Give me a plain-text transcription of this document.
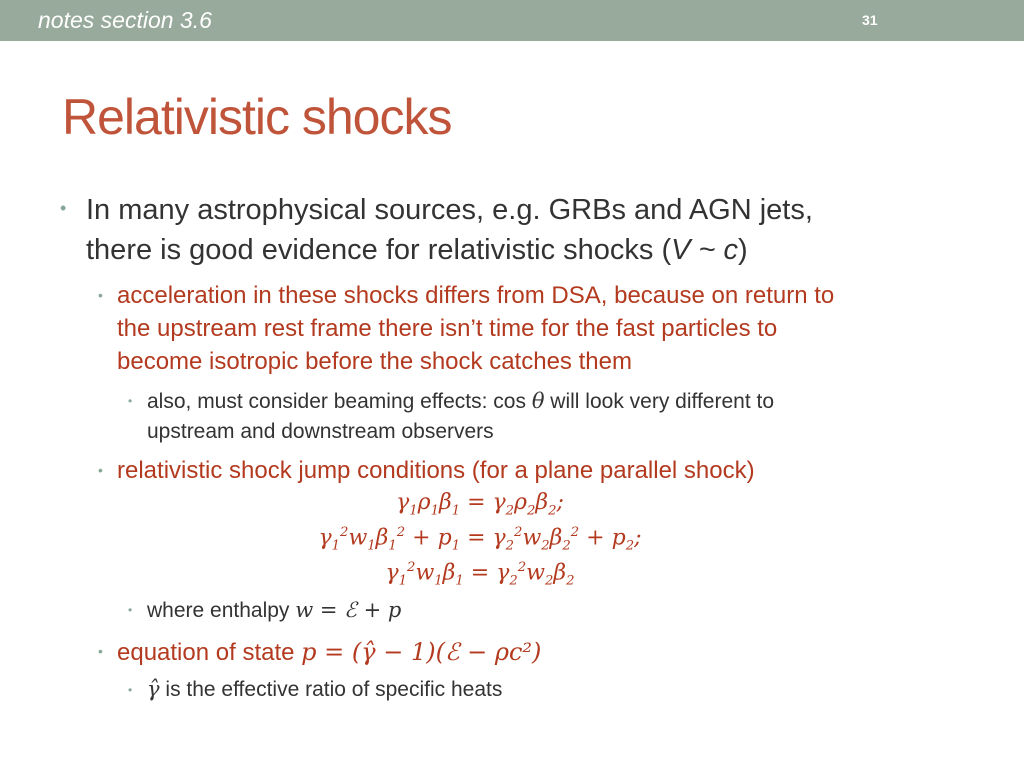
notes section 3.6	31
Relativistic shocks
• In many astrophysical sources, e.g. GRBs and AGN jets,
there is good evidence for relativistic shocks (V ~ c)
• acceleration in these shocks differs from DSA, because on return to
the upstream rest frame there isn’t time for the fast particles to
become isotropic before the shock catches them
• also, must consider beaming effects: cos θ will look very different to
upstream and downstream observers
• relativistic shock jump conditions (for a plane parallel shock)
$\gamma_1\rho_1\beta_1 = \gamma_2\rho_2\beta_2$;
$\gamma_1^2w_1\beta_1^2 + p_1 = \gamma_2^2w_2\beta_2^2 + p_2$;
$\gamma_1^2w_1\beta_1 = \gamma_2^2w_2\beta_2$
• where enthalpy w = ℰ + p
• equation of state p = (γ̂ − 1)(ℰ − ρc²)
• γ̂ is the effective ratio of specific heats
